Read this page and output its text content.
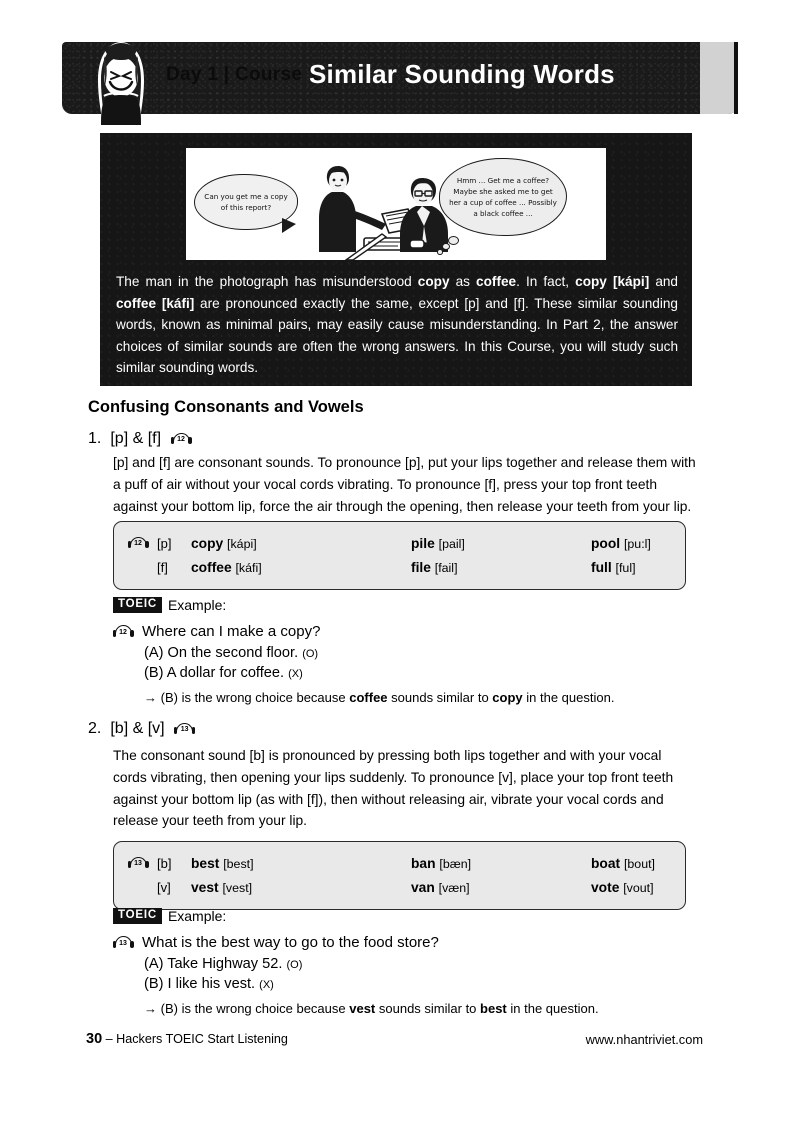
Day 1 | Course 1
Similar Sounding Words
Can you get me a copy of this report?
Hmm ... Get me a coffee? Maybe she asked me to get her a cup of coffee ... Possibly a black coffee ...
The man in the photograph has misunderstood copy as coffee. In fact, copy [kápi] and coffee [káfi] are pronounced exactly the same, except [p] and [f]. These similar sounding words, known as minimal pairs, may easily cause misunderstanding. In Part 2, the answer choices of similar sounds are often the wrong answers. In this Course, you will study such similar sounding words.
Confusing Consonants and Vowels
1. [p] & [f]	12
[p] and [f] are consonant sounds. To pronounce [p], put your lips together and release them with a puff of air without your vocal cords vibrating. To pronounce [f], press your top front teeth against your bottom lip, force the air through the opening, then release your teeth from your lip.
12	[p]	copy [kápi]	pile [pail]	pool [pu:l]
[f]	coffee [káfi]	file [fail]	full [ful]
TOEIC Example:
12	Where can I make a copy?
(A) On the second floor. (O)
(B) A dollar for coffee. (X)
→ (B) is the wrong choice because coffee sounds similar to copy in the question.
2. [b] & [v]	13
The consonant sound [b] is pronounced by pressing both lips together and with your vocal cords vibrating, then opening your lips suddenly. To pronounce [v], place your top front teeth against your bottom lip (as with [f]), then without releasing air, vibrate your vocal cords and release your teeth from your lip.
13	[b]	best [best]	ban [bæn]	boat [bout]
[v]	vest [vest]	van [væn]	vote [vout]
TOEIC Example:
13	What is the best way to go to the food store?
(A) Take Highway 52. (O)
(B) I like his vest. (X)
→ (B) is the wrong choice because vest sounds similar to best in the question.
30 – Hackers TOEIC Start Listening	www.nhantriviet.com
